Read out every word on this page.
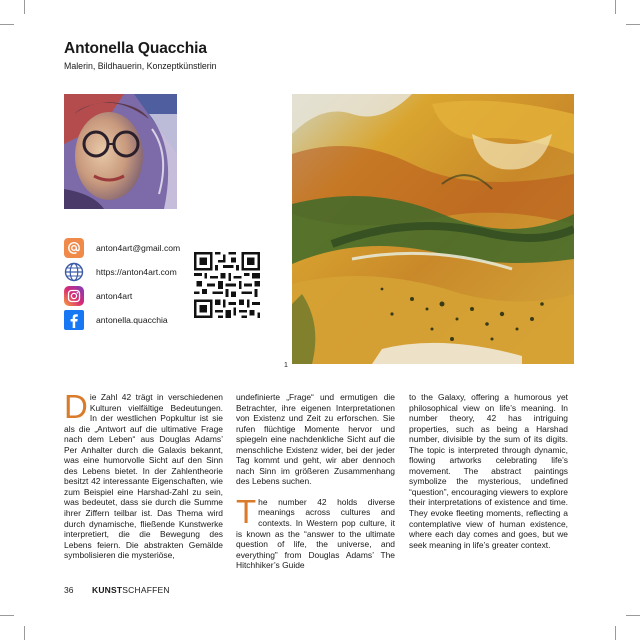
Antonella Quacchia
Malerin, Bildhauerin, Konzeptkünstlerin
1
anton4art@gmail.com
https://anton4art.com
anton4art
antonella.quacchia

Die Zahl 42 trägt in verschiedenen Kulturen vielfältige Bedeutungen. In der westlichen Popkultur ist sie als die „Antwort auf die ultimative Frage nach dem Leben“ aus Douglas Adams’ Per Anhalter durch die Galaxis bekannt, was eine humorvolle Sicht auf den Sinn des Lebens bietet. In der Zahlentheorie besitzt 42 interessante Eigenschaften, wie zum Beispiel eine Harshad-Zahl zu sein, was bedeutet, dass sie durch die Summe ihrer Ziffern teilbar ist. Das Thema wird durch dynamische, fließende Kunstwerke interpretiert, die die Bewegung des Lebens feiern. Die abstrakten Gemälde symbolisieren die mysteriöse,

undefinierte „Frage“ und ermutigen die Betrachter, ihre eigenen Interpretationen von Existenz und Zeit zu erforschen. Sie rufen flüchtige Momente hervor und spiegeln eine nachdenkliche Sicht auf die menschliche Existenz wider, bei der jeder Tag kommt und geht, wir aber dennoch nach Sinn im größeren Zusammenhang des Lebens suchen.

The number 42 holds diverse meanings across cultures and contexts. In Western pop culture, it is known as the “answer to the ultimate question of life, the universe, and everything” from Douglas Adams’ The Hitchhiker’s Guide

to the Galaxy, offering a humorous yet philosophical view on life’s meaning. In number theory, 42 has intriguing properties, such as being a Harshad number, divisible by the sum of its digits. The topic is interpreted through dynamic, flowing artworks celebrating life’s movement. The abstract paintings symbolize the mysterious, undefined “question”, encouraging viewers to explore their interpretations of existence and time. They evoke fleeting moments, reflecting a contemplative view of human existence, where each day comes and goes, but we seek meaning in life’s greater context.

36 KUNSTSCHAFFEN
